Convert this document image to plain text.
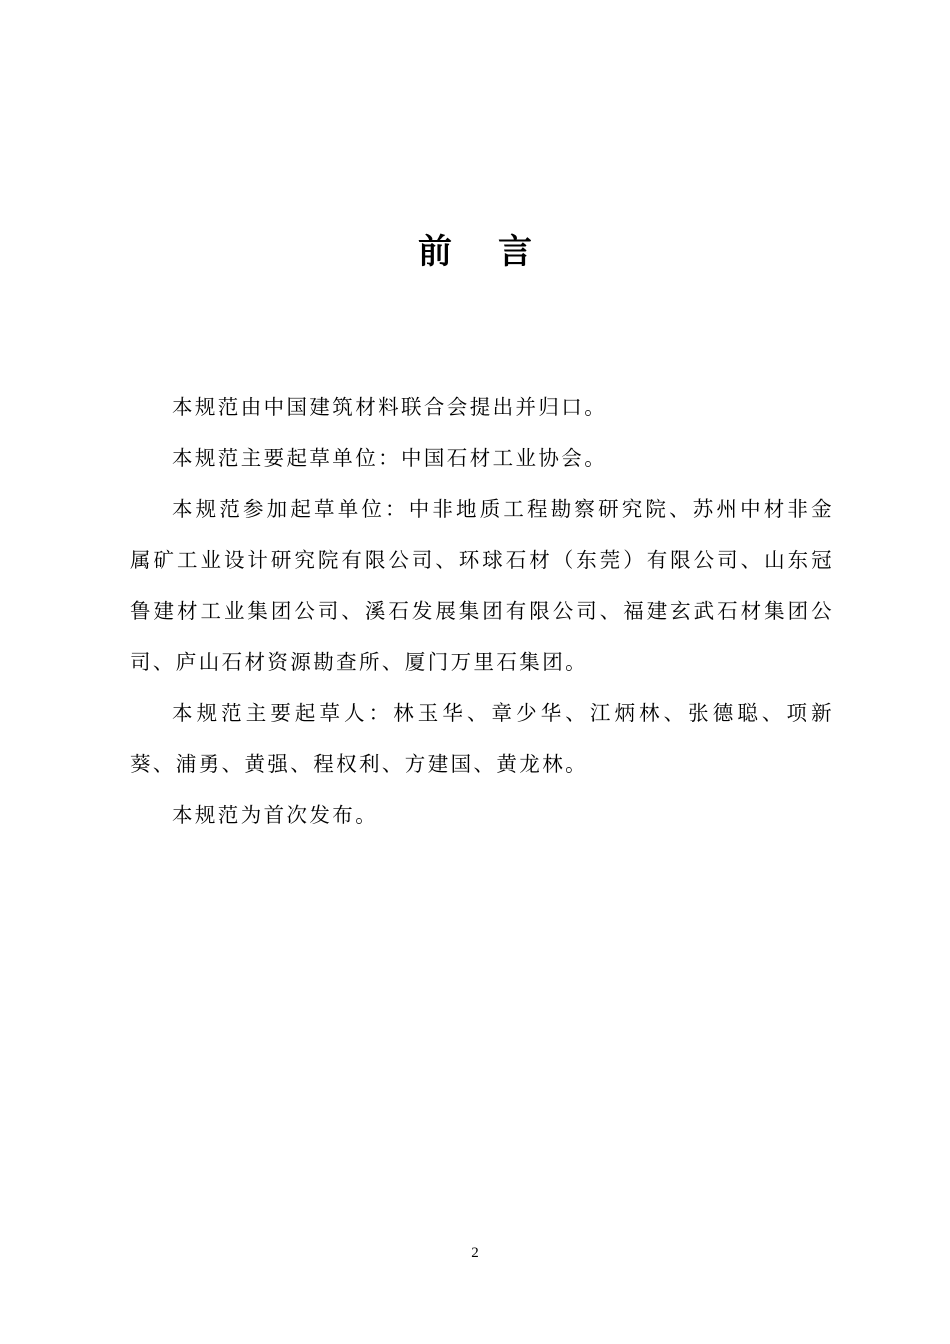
前 言

本规范由中国建筑材料联合会提出并归口。

本规范主要起草单位：中国石材工业协会。

本规范参加起草单位：中非地质工程勘察研究院、苏州中材非金属矿工业设计研究院有限公司、环球石材（东莞）有限公司、山东冠鲁建材工业集团公司、溪石发展集团有限公司、福建玄武石材集团公司、庐山石材资源勘查所、厦门万里石集团。

本规范主要起草人：林玉华、章少华、江炳林、张德聪、项新葵、浦勇、黄强、程权利、方建国、黄龙林。

本规范为首次发布。

2
